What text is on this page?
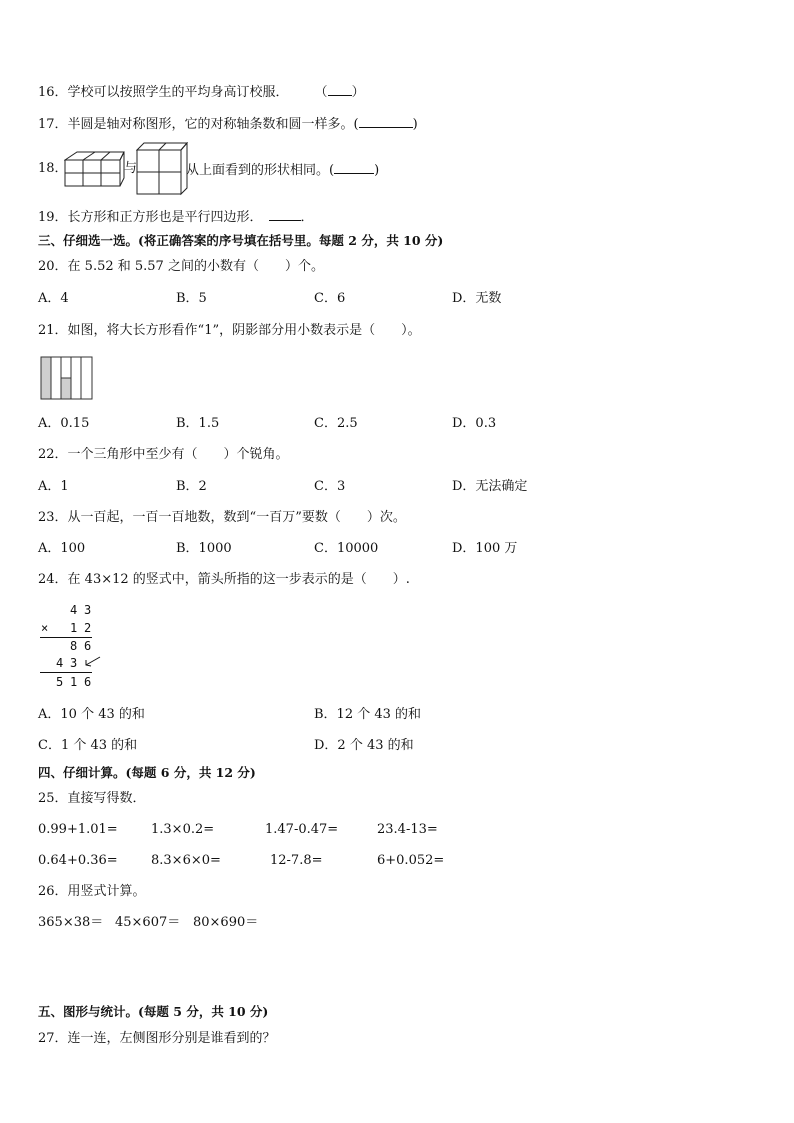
16．学校可以按照学生的平均身高订校服． （ ）
17．半圆是轴对称图形，它的对称轴条数和圆一样多。(	)
18．	与	从上面看到的形状相同。(	)
19．长方形和正方形也是平行四边形．	．
三、仔细选一选。(将正确答案的序号填在括号里。每题 2 分，共 10 分)
20．在 5.52 和 5.57 之间的小数有（　　）个。
A．4	B．5	C．6	D．无数
21．如图，将大长方形看作“1”，阴影部分用小数表示是（　　）。
A．0.15	B．1.5	C．2.5	D．0.3
22．一个三角形中至少有（　　）个锐角。
A．1	B．2	C．3	D．无法确定
23．从一百起，一百一百地数，数到“一百万”要数（　　）次。
A．100	B．1000	C．10000	D．100 万
24．在 43×12 的竖式中，箭头所指的这一步表示的是（　　）.
4 3
× 1 2
8 6
4 3
5 1 6
A．10 个 43 的和	B．12 个 43 的和
C．1 个 43 的和	D．2 个 43 的和
四、仔细计算。(每题 6 分，共 12 分)
25．直接写得数．
0.99+1.01=	1.3×0.2=	1.47-0.47=	23.4-13=
0.64+0.36=	8.3×6×0=	12-7.8=	6+0.052=
26．用竖式计算。
365×38＝ 45×607＝ 80×690＝
五、图形与统计。(每题 5 分，共 10 分)
27．连一连，左侧图形分别是谁看到的？
